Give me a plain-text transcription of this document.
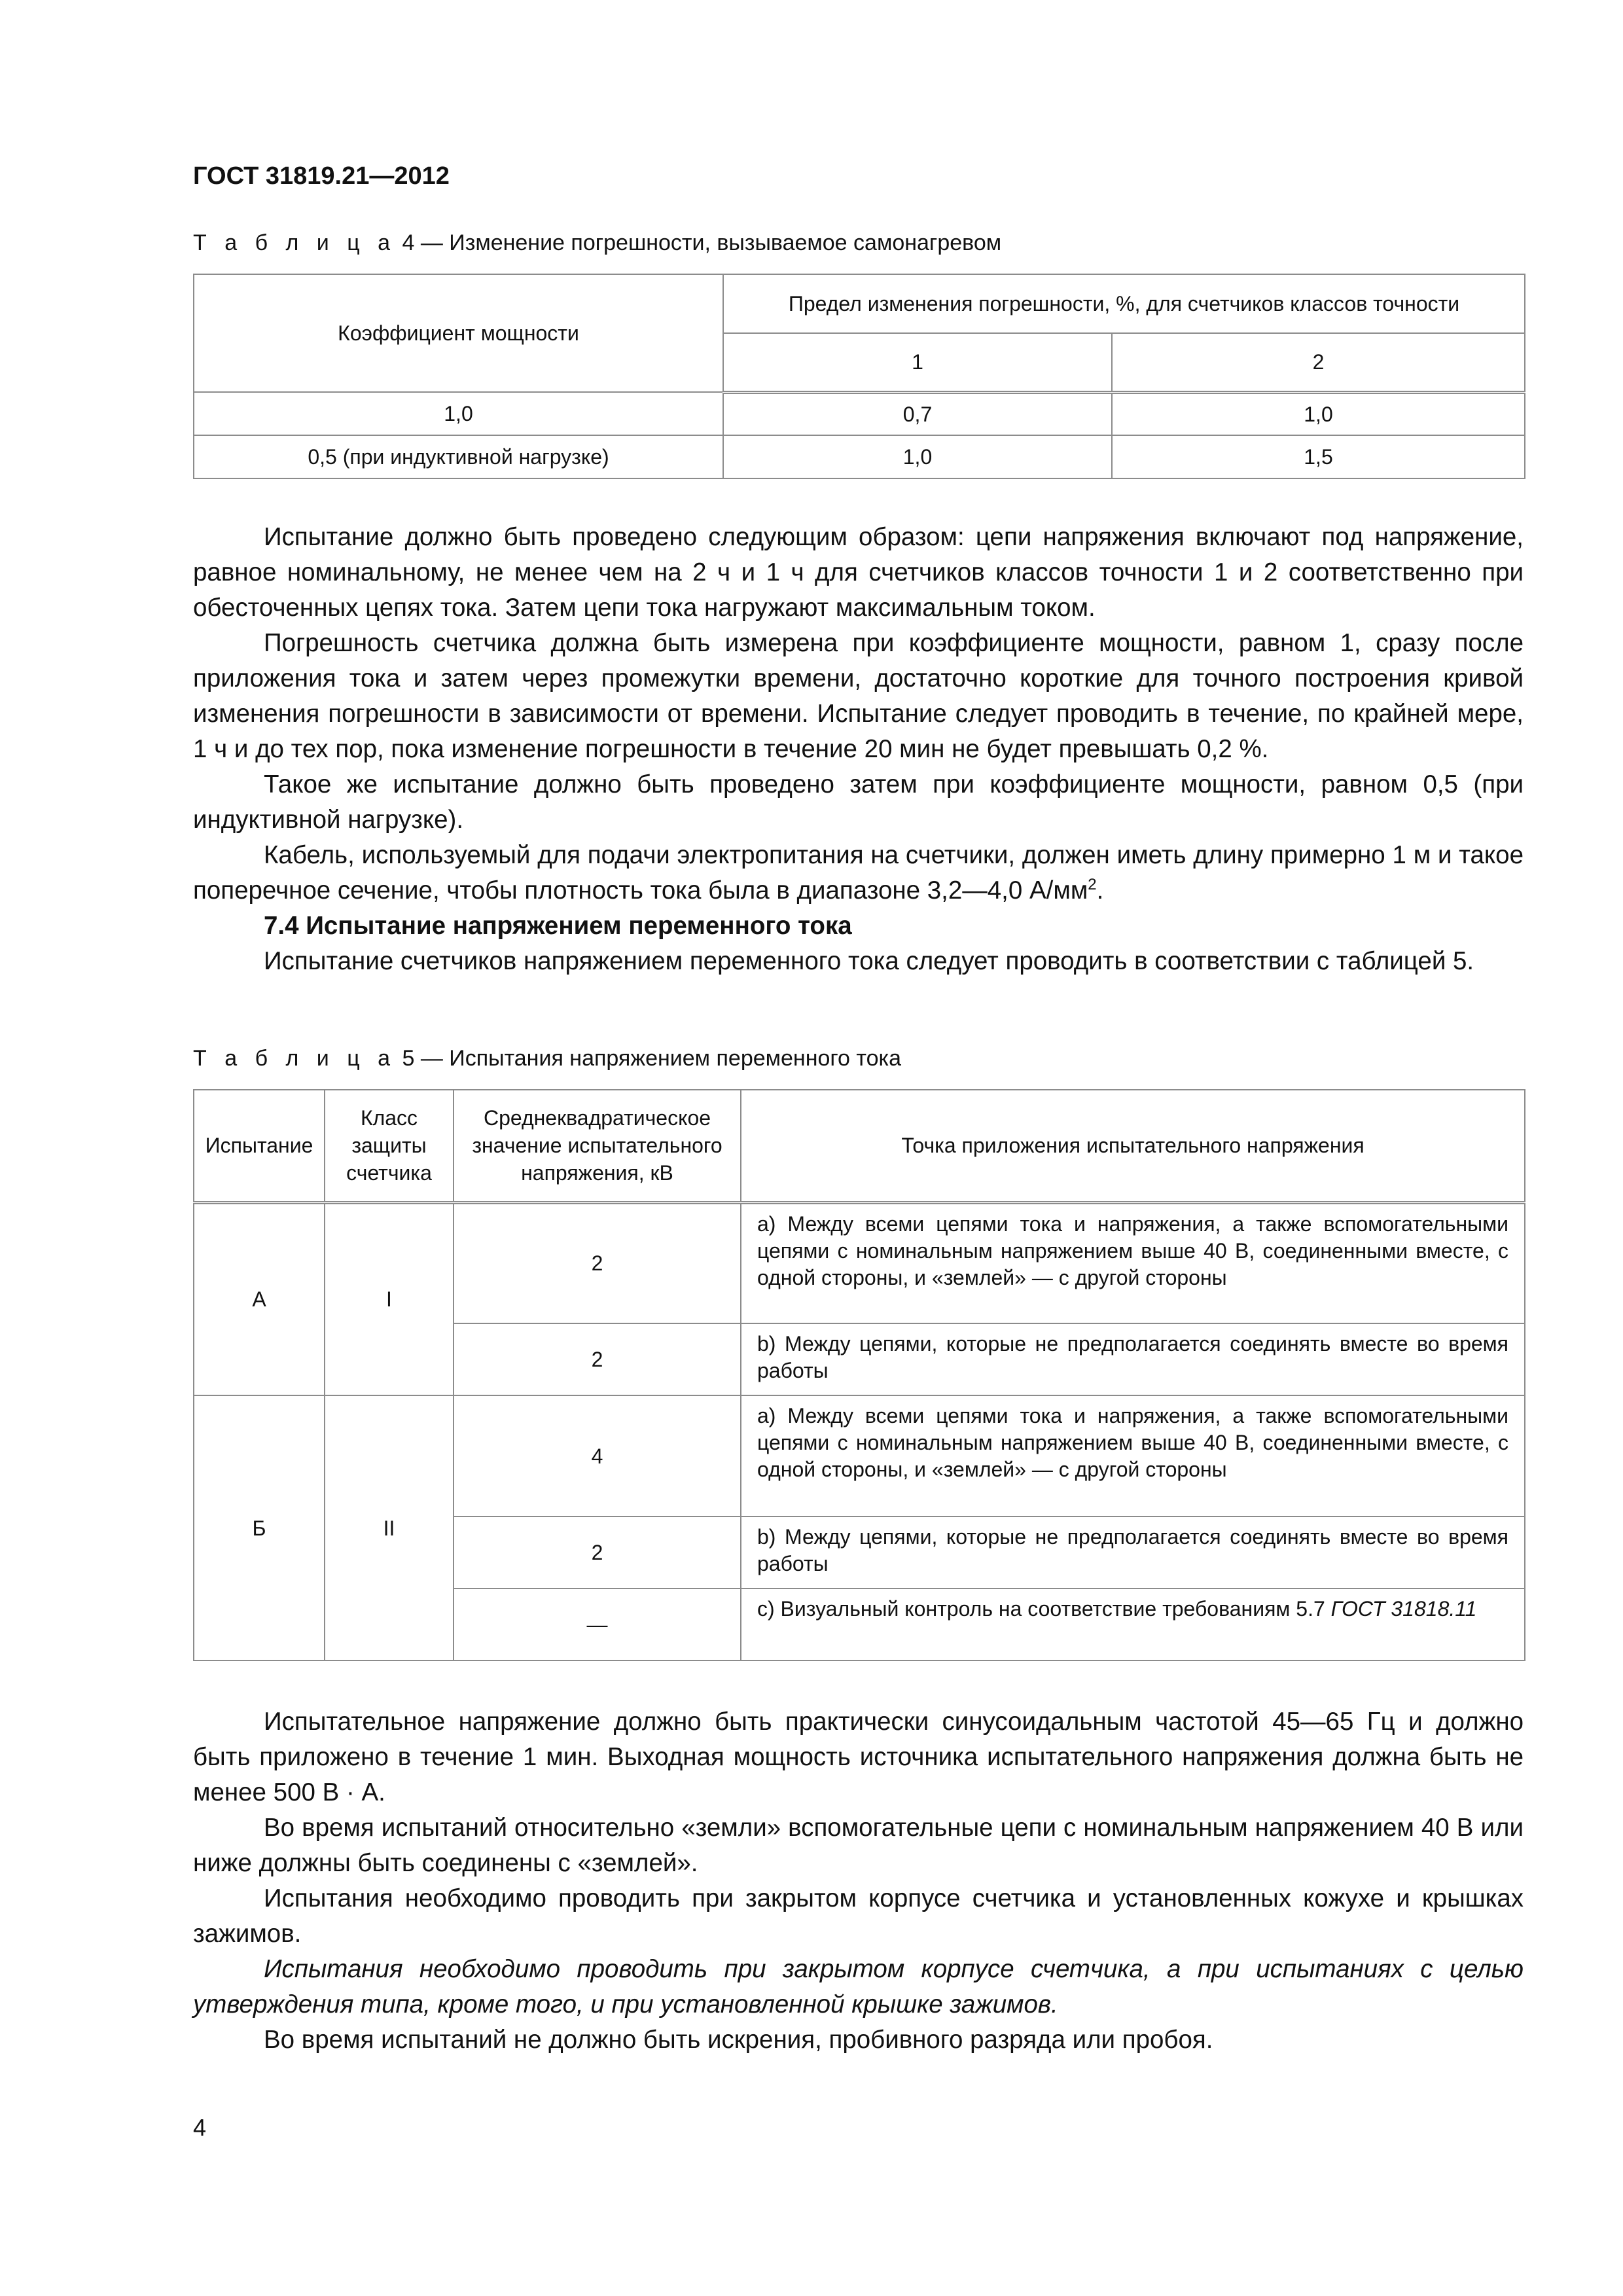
ГОСТ 31819.21—2012
Т а б л и ц а 4 — Изменение погрешности, вызываемое самонагревом
Коэффициент мощности	Предел изменения погрешности, %, для счетчиков классов точности	
	1	2
1,0	0,7	1,0
0,5 (при индуктивной нагрузке)	1,0	1,5

Испытание должно быть проведено следующим образом: цепи напряжения включают под напряжение, равное номинальному, не менее чем на 2 ч и 1 ч для счетчиков классов точности 1 и 2 соответственно при обесточенных цепях тока. Затем цепи тока нагружают максимальным током.

Погрешность счетчика должна быть измерена при коэффициенте мощности, равном 1, сразу после приложения тока и затем через промежутки времени, достаточно короткие для точного построения кривой изменения погрешности в зависимости от времени. Испытание следует проводить в течение, по крайней мере, 1 ч и до тех пор, пока изменение погрешности в течение 20 мин не будет превышать 0,2 %.

Такое же испытание должно быть проведено затем при коэффициенте мощности, равном 0,5 (при индуктивной нагрузке).

Кабель, используемый для подачи электропитания на счетчики, должен иметь длину примерно 1 м и такое поперечное сечение, чтобы плотность тока была в диапазоне 3,2—4,0 $А/мм^2$.

7.4 Испытание напряжением переменного тока

Испытание счетчиков напряжением переменного тока следует проводить в соответствии с таблицей 5.

Т а б л и ц а 5 — Испытания напряжением переменного тока
Испытание	Класс защиты счетчика	Среднеквадратическое значение испытательного напряжения, кВ	Точка приложения испытательного напряжения
А	I	2	а) Между всеми цепями тока и напряжения, а также вспомогательными цепями с номинальным напряжением выше 40 В, соединенными вместе, с одной стороны, и «землей» — с другой стороны
		2	b) Между цепями, которые не предполагается соединять вместе во время работы
Б	II	4	а) Между всеми цепями тока и напряжения, а также вспомогательными цепями с номинальным напряжением выше 40 В, соединенными вместе, с одной стороны, и «землей» — с другой стороны
		2	b) Между цепями, которые не предполагается соединять вместе во время работы
		—	с) Визуальный контроль на соответствие требованиям 5.7 ГОСТ 31818.11

Испытательное напряжение должно быть практически синусоидальным частотой 45—65 Гц и должно быть приложено в течение 1 мин. Выходная мощность источника испытательного напряжения должна быть не менее 500 В · А.

Во время испытаний относительно «земли» вспомогательные цепи с номинальным напряжением 40 В или ниже должны быть соединены с «землей».

Испытания необходимо проводить при закрытом корпусе счетчика и установленных кожухе и крышках зажимов.

Испытания необходимо проводить при закрытом корпусе счетчика, а при испытаниях с целью утверждения типа, кроме того, и при установленной крышке зажимов.

Во время испытаний не должно быть искрения, пробивного разряда или пробоя.

4
